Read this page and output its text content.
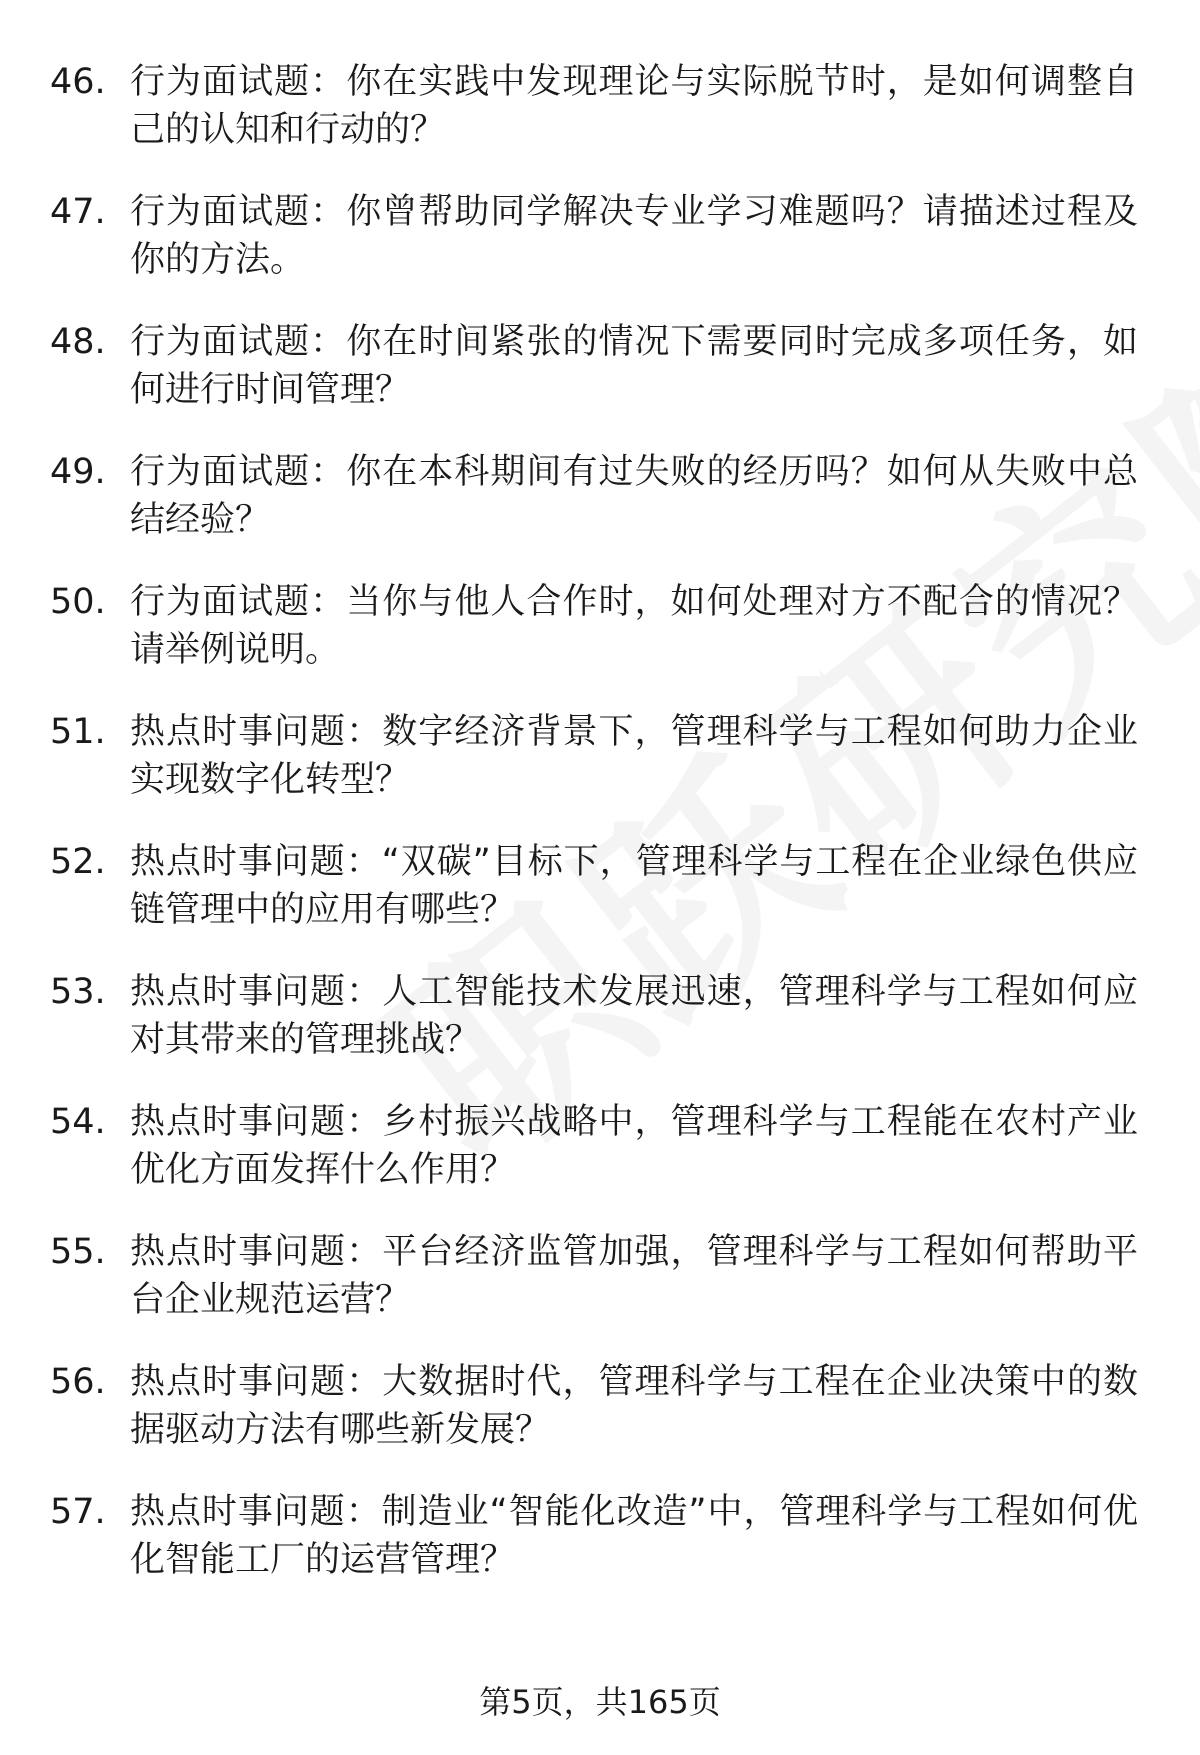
46. 行为面试题：你在实践中发现理论与实际脱节时，是如何调整自己的认知和行动的？
47. 行为面试题：你曾帮助同学解决专业学习难题吗？请描述过程及你的方法。
48. 行为面试题：你在时间紧张的情况下需要同时完成多项任务，如何进行时间管理？
49. 行为面试题：你在本科期间有过失败的经历吗？如何从失败中总结经验？
50. 行为面试题：当你与他人合作时，如何处理对方不配合的情况？请举例说明。
51. 热点时事问题：数字经济背景下，管理科学与工程如何助力企业实现数字化转型？
52. 热点时事问题：“双碳”目标下，管理科学与工程在企业绿色供应链管理中的应用有哪些？
53. 热点时事问题：人工智能技术发展迅速，管理科学与工程如何应对其带来的管理挑战？
54. 热点时事问题：乡村振兴战略中，管理科学与工程能在农村产业优化方面发挥什么作用？
55. 热点时事问题：平台经济监管加强，管理科学与工程如何帮助平台企业规范运营？
56. 热点时事问题：大数据时代，管理科学与工程在企业决策中的数据驱动方法有哪些新发展？
57. 热点时事问题：制造业“智能化改造”中，管理科学与工程如何优化智能工厂的运营管理？
第5页，共165页
